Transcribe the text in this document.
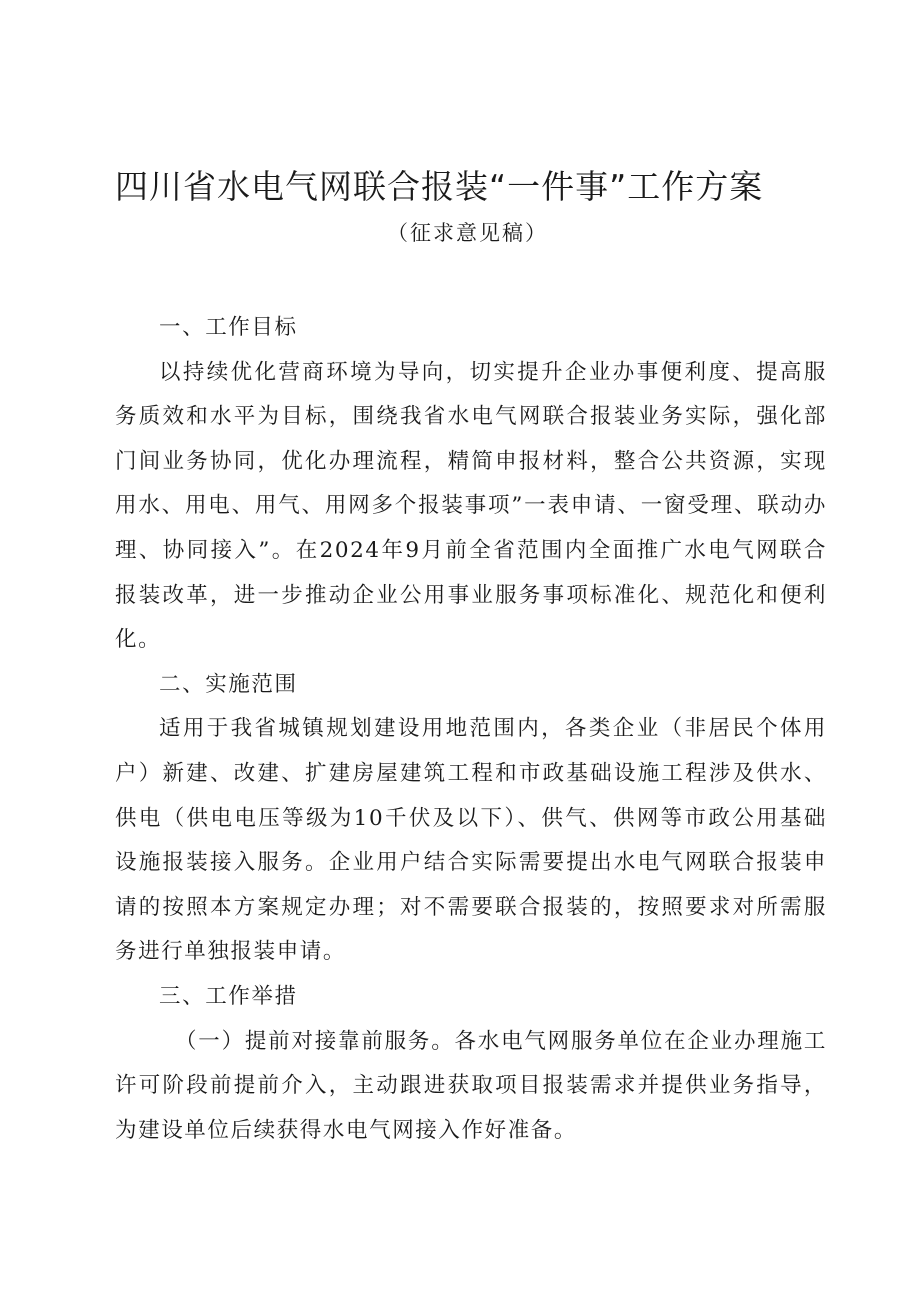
四川省水电气网联合报装“一件事”工作方案
（征求意见稿）

一、工作目标

以持续优化营商环境为导向，切实提升企业办事便利度、提高服务质效和水平为目标，围绕我省水电气网联合报装业务实际，强化部门间业务协同，优化办理流程，精简申报材料，整合公共资源，实现用水、用电、用气、用网多个报装事项”一表申请、一窗受理、联动办理、协同接入”。在2024年9月前全省范围内全面推广水电气网联合报装改革，进一步推动企业公用事业服务事项标准化、规范化和便利化。

二、实施范围

适用于我省城镇规划建设用地范围内，各类企业（非居民个体用户）新建、改建、扩建房屋建筑工程和市政基础设施工程涉及供水、供电（供电电压等级为10千伏及以下）、供气、供网等市政公用基础设施报装接入服务。企业用户结合实际需要提出水电气网联合报装申请的按照本方案规定办理；对不需要联合报装的，按照要求对所需服务进行单独报装申请。

三、工作举措

（一）提前对接靠前服务。各水电气网服务单位在企业办理施工许可阶段前提前介入，主动跟进获取项目报装需求并提供业务指导，为建设单位后续获得水电气网接入作好准备。
